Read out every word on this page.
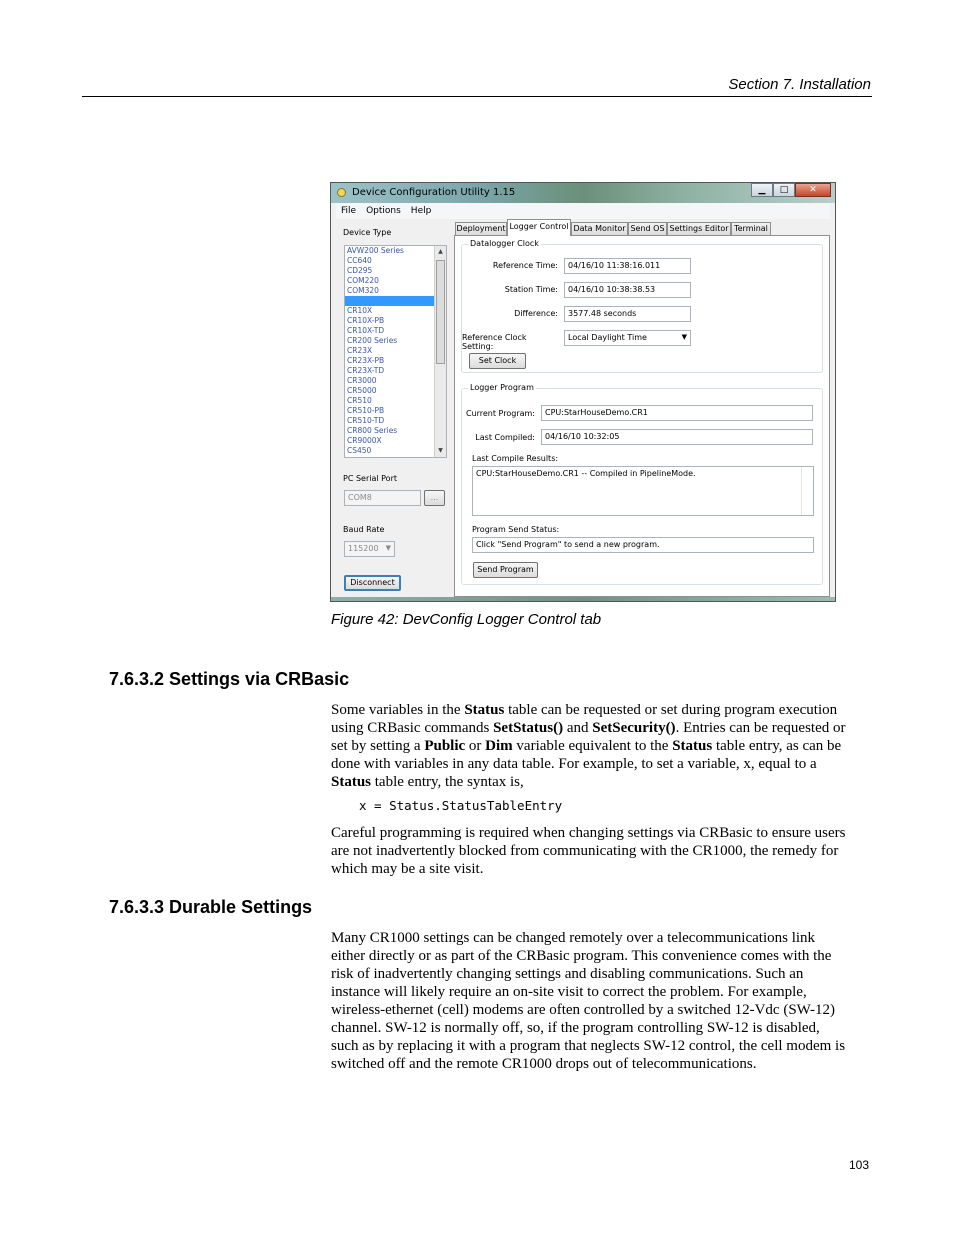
Section 7. Installation
Device Configuration Utility 1.15	▁	□	✕
File	Options	Help
Device Type
AVW200 Series
CC640
CD295
COM220
COM320
CR1000
CR10X
CR10X-PB
CR10X-TD
CR200 Series
CR23X
CR23X-PB
CR23X-TD
CR3000
CR5000
CR510
CR510-PB
CR510-TD
CR800 Series
CR9000X
CS450
▲
▼
PC Serial Port
COM8	...
Baud Rate
115200 ▼
Disconnect
Deployment Logger Control Data Monitor Send OS Settings Editor Terminal
Datalogger Clock
Reference Time:	04/16/10 11:38:16.011
Station Time:	04/16/10 10:38:38.53
Difference:	3577.48 seconds
Reference Clock Setting:
Local Daylight Time	▼
Set Clock
Logger Program
Current Program:	CPU:StarHouseDemo.CR1
Last Compiled:	04/16/10 10:32:05
Last Compile Results:
CPU:StarHouseDemo.CR1 -- Compiled in PipelineMode.
Program Send Status:
Click "Send Program" to send a new program.
Send Program
Figure 42: DevConfig Logger Control tab
7.6.3.2 Settings via CRBasic

Some variables in the Status table can be requested or set during program execution using CRBasic commands SetStatus() and SetSecurity(). Entries can be requested or set by setting a Public or Dim variable equivalent to the Status table entry, as can be done with variables in any data table. For example, to set a variable, x, equal to a Status table entry, the syntax is,

x = Status.StatusTableEntry

Careful programming is required when changing settings via CRBasic to ensure users are not inadvertently blocked from communicating with the CR1000, the remedy for which may be a site visit.

7.6.3.3 Durable Settings

Many CR1000 settings can be changed remotely over a telecommunications link either directly or as part of the CRBasic program. This convenience comes with the risk of inadvertently changing settings and disabling communications. Such an instance will likely require an on-site visit to correct the problem. For example, wireless-ethernet (cell) modems are often controlled by a switched 12-Vdc (SW-12) channel. SW-12 is normally off, so, if the program controlling SW-12 is disabled, such as by replacing it with a program that neglects SW-12 control, the cell modem is switched off and the remote CR1000 drops out of telecommunications.

103
